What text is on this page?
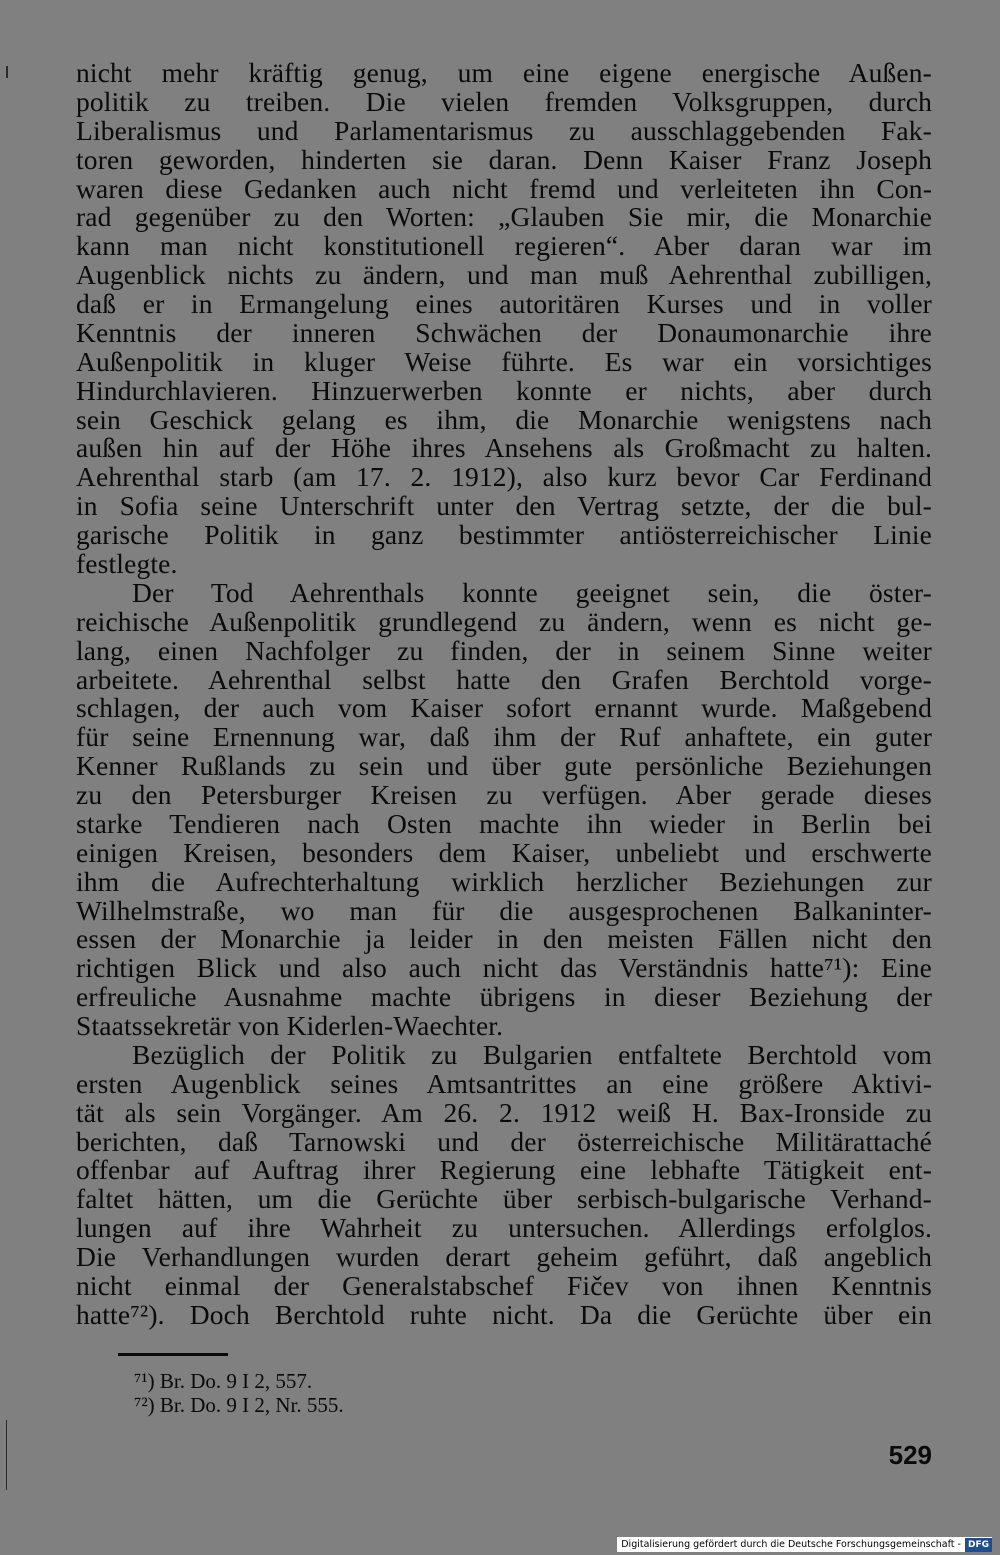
nicht mehr kräftig genug, um eine eigene energische Außen-
politik zu treiben. Die vielen fremden Volksgruppen, durch
Liberalismus und Parlamentarismus zu ausschlaggebenden Fak-
toren geworden, hinderten sie daran. Denn Kaiser Franz Joseph
waren diese Gedanken auch nicht fremd und verleiteten ihn Con-
rad gegenüber zu den Worten: „Glauben Sie mir, die Monarchie
kann man nicht konstitutionell regieren“. Aber daran war im
Augenblick nichts zu ändern, und man muß Aehrenthal zubilligen,
daß er in Ermangelung eines autoritären Kurses und in voller
Kenntnis der inneren Schwächen der Donaumonarchie ihre
Außenpolitik in kluger Weise führte. Es war ein vorsichtiges
Hindurchlavieren. Hinzuerwerben konnte er nichts, aber durch
sein Geschick gelang es ihm, die Monarchie wenigstens nach
außen hin auf der Höhe ihres Ansehens als Großmacht zu halten.
Aehrenthal starb (am 17. 2. 1912), also kurz bevor Car Ferdinand
in Sofia seine Unterschrift unter den Vertrag setzte, der die bul-
garische Politik in ganz bestimmter antiösterreichischer Linie
festlegte.
Der Tod Aehrenthals konnte geeignet sein, die öster-
reichische Außenpolitik grundlegend zu ändern, wenn es nicht ge-
lang, einen Nachfolger zu finden, der in seinem Sinne weiter
arbeitete. Aehrenthal selbst hatte den Grafen Berchtold vorge-
schlagen, der auch vom Kaiser sofort ernannt wurde. Maßgebend
für seine Ernennung war, daß ihm der Ruf anhaftete, ein guter
Kenner Rußlands zu sein und über gute persönliche Beziehungen
zu den Petersburger Kreisen zu verfügen. Aber gerade dieses
starke Tendieren nach Osten machte ihn wieder in Berlin bei
einigen Kreisen, besonders dem Kaiser, unbeliebt und erschwerte
ihm die Aufrechterhaltung wirklich herzlicher Beziehungen zur
Wilhelmstraße, wo man für die ausgesprochenen Balkaninter-
essen der Monarchie ja leider in den meisten Fällen nicht den
richtigen Blick und also auch nicht das Verständnis hatte⁷¹): Eine
erfreuliche Ausnahme machte übrigens in dieser Beziehung der
Staatssekretär von Kiderlen-Waechter.
Bezüglich der Politik zu Bulgarien entfaltete Berchtold vom
ersten Augenblick seines Amtsantrittes an eine größere Aktivi-
tät als sein Vorgänger. Am 26. 2. 1912 weiß H. Bax-Ironside zu
berichten, daß Tarnowski und der österreichische Militärattaché
offenbar auf Auftrag ihrer Regierung eine lebhafte Tätigkeit ent-
faltet hätten, um die Gerüchte über serbisch-bulgarische Verhand-
lungen auf ihre Wahrheit zu untersuchen. Allerdings erfolglos.
Die Verhandlungen wurden derart geheim geführt, daß angeblich
nicht einmal der Generalstabschef Fičev von ihnen Kenntnis
hatte⁷²). Doch Berchtold ruhte nicht. Da die Gerüchte über ein
⁷¹) Br. Do. 9 I 2, 557.
⁷²) Br. Do. 9 I 2, Nr. 555.
529
Digitalisierung gefördert durch die Deutsche Forschungsgemeinschaft - DFG
